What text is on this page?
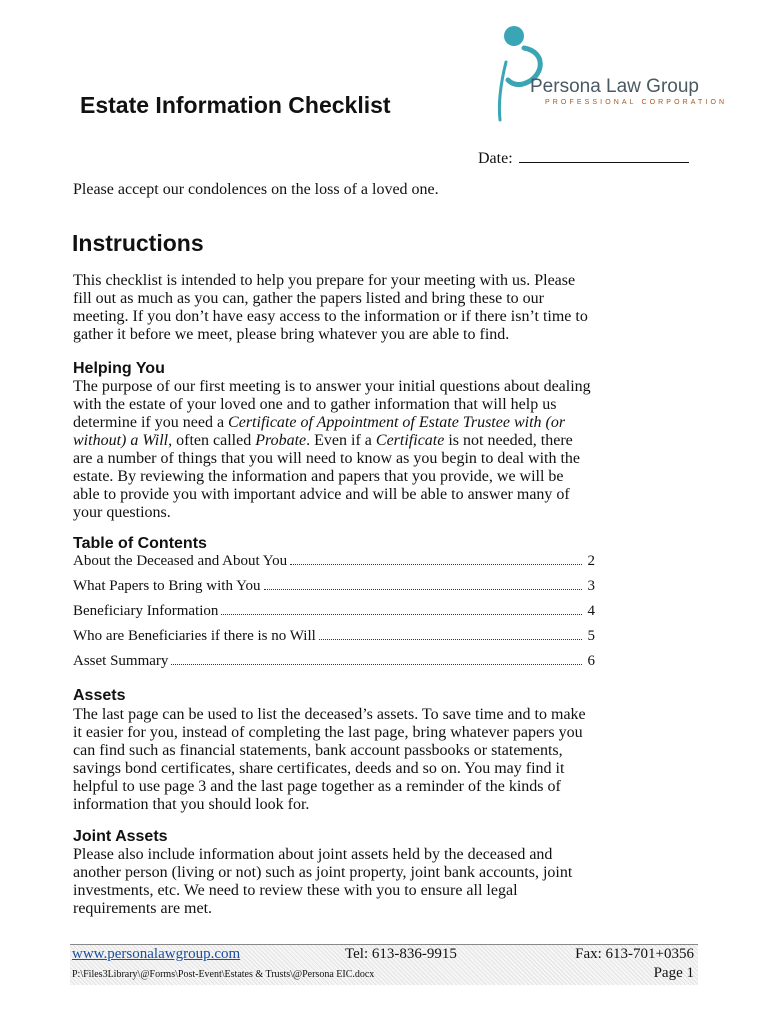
Persona Law Group
PROFESSIONAL CORPORATION
Estate Information Checklist
Date:
Please accept our condolences on the loss of a loved one.
Instructions
This checklist is intended to help you prepare for your meeting with us. Please
fill out as much as you can, gather the papers listed and bring these to our
meeting. If you don’t have easy access to the information or if there isn’t time to
gather it before we meet, please bring whatever you are able to find.
Helping You
The purpose of our first meeting is to answer your initial questions about dealing
with the estate of your loved one and to gather information that will help us
determine if you need a Certificate of Appointment of Estate Trustee with (or
without) a Will, often called Probate. Even if a Certificate is not needed, there
are a number of things that you will need to know as you begin to deal with the
estate. By reviewing the information and papers that you provide, we will be
able to provide you with important advice and will be able to answer many of
your questions.
Table of Contents
About the Deceased and About You	2
What Papers to Bring with You	3
Beneficiary Information	4
Who are Beneficiaries if there is no Will	5
Asset Summary	6
Assets
The last page can be used to list the deceased’s assets. To save time and to make
it easier for you, instead of completing the last page, bring whatever papers you
can find such as financial statements, bank account passbooks or statements,
savings bond certificates, share certificates, deeds and so on. You may find it
helpful to use page 3 and the last page together as a reminder of the kinds of
information that you should look for.
Joint Assets
Please also include information about joint assets held by the deceased and
another person (living or not) such as joint property, joint bank accounts, joint
investments, etc. We need to review these with you to ensure all legal
requirements are met.
www.personalawgroup.com	Tel: 613-836-9915	Fax: 613-701+0356
P:\Files3Library\@Forms\Post-Event\Estates & Trusts\@Persona EIC.docx	Page 1
